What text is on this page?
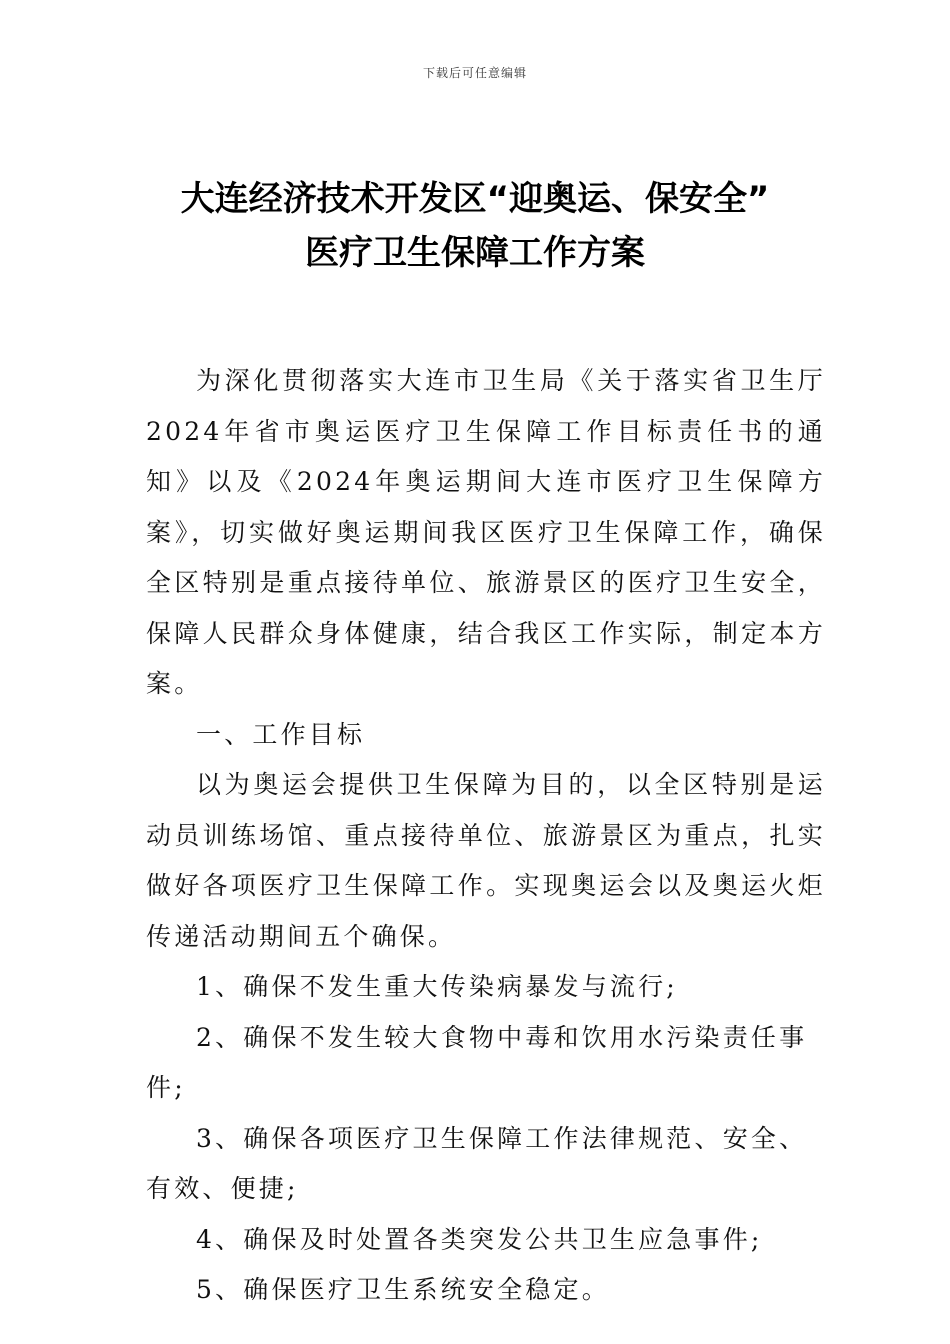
下载后可任意编辑
大连经济技术开发区“迎奥运、保安全”
医疗卫生保障工作方案

为深化贯彻落实大连市卫生局《关于落实省卫生厅2024年省市奥运医疗卫生保障工作目标责任书的通知》以及《2024年奥运期间大连市医疗卫生保障方案》，切实做好奥运期间我区医疗卫生保障工作，确保全区特别是重点接待单位、旅游景区的医疗卫生安全，保障人民群众身体健康，结合我区工作实际，制定本方案。

一、工作目标

以为奥运会提供卫生保障为目的，以全区特别是运动员训练场馆、重点接待单位、旅游景区为重点，扎实做好各项医疗卫生保障工作。实现奥运会以及奥运火炬传递活动期间五个确保。

1、确保不发生重大传染病暴发与流行;

2、确保不发生较大食物中毒和饮用水污染责任事件;

3、确保各项医疗卫生保障工作法律规范、安全、有效、便捷;

4、确保及时处置各类突发公共卫生应急事件;

5、确保医疗卫生系统安全稳定。
